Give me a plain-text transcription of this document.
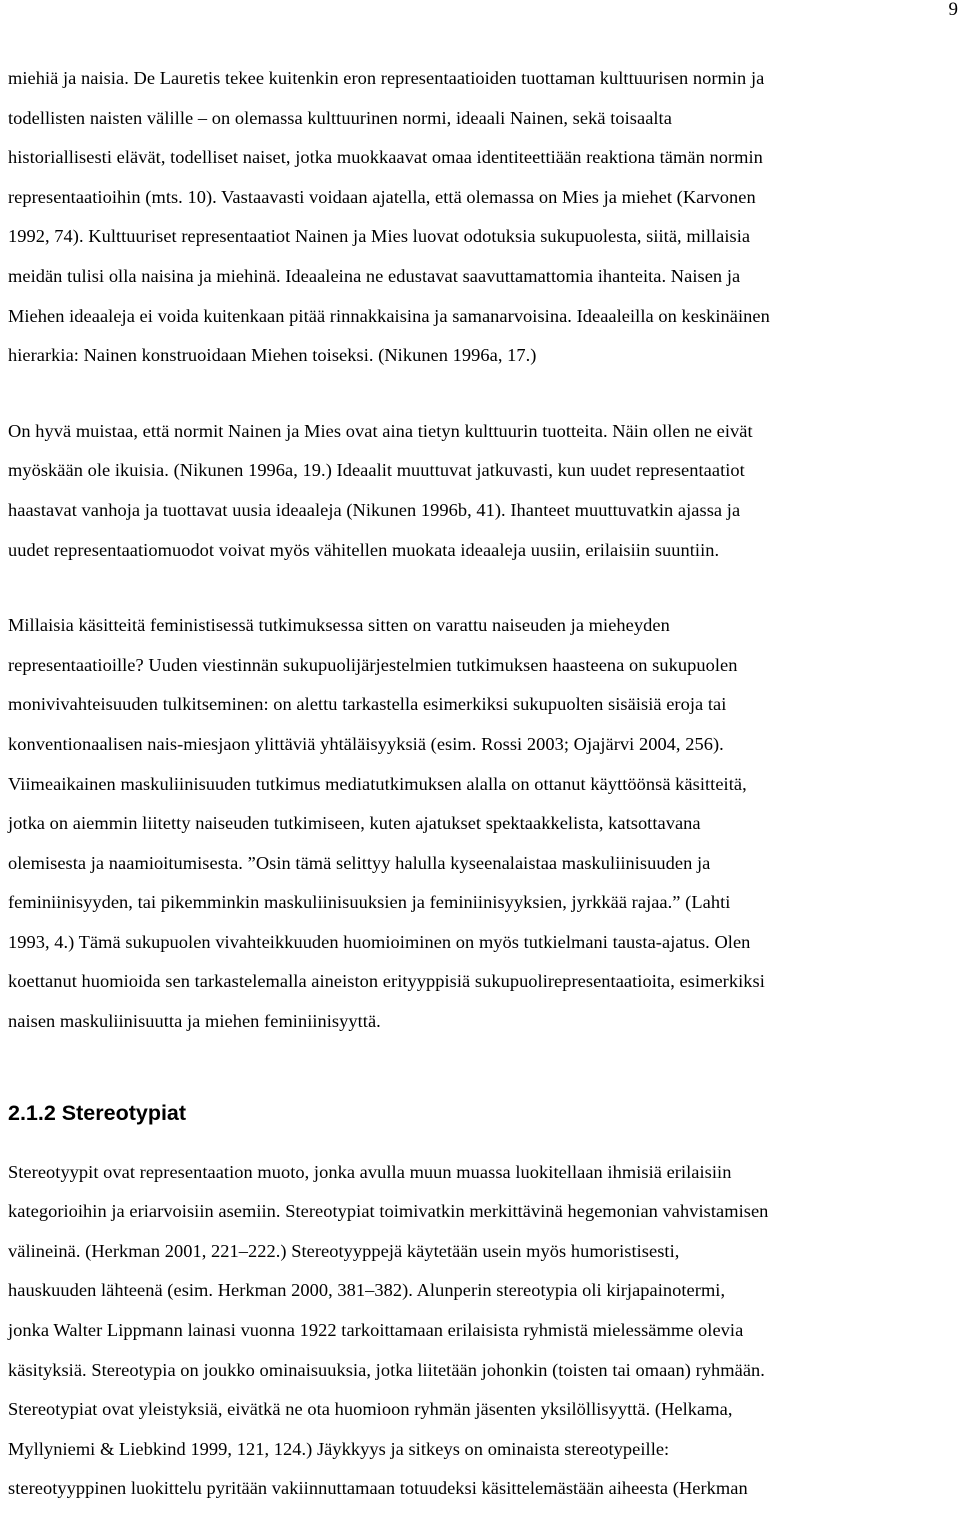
9
miehiä ja naisia. De Lauretis tekee kuitenkin eron representaatioiden tuottaman kulttuurisen normin ja
todellisten naisten välille – on olemassa kulttuurinen normi, ideaali Nainen, sekä toisaalta
historiallisesti elävät, todelliset naiset, jotka muokkaavat omaa identiteettiään reaktiona tämän normin
representaatioihin (mts. 10). Vastaavasti voidaan ajatella, että olemassa on Mies ja miehet (Karvonen
1992, 74). Kulttuuriset representaatiot Nainen ja Mies luovat odotuksia sukupuolesta, siitä, millaisia
meidän tulisi olla naisina ja miehinä. Ideaaleina ne edustavat saavuttamattomia ihanteita. Naisen ja
Miehen ideaaleja ei voida kuitenkaan pitää rinnakkaisina ja samanarvoisina. Ideaaleilla on keskinäinen
hierarkia: Nainen konstruoidaan Miehen toiseksi. (Nikunen 1996a, 17.)
On hyvä muistaa, että normit Nainen ja Mies ovat aina tietyn kulttuurin tuotteita. Näin ollen ne eivät
myöskään ole ikuisia. (Nikunen 1996a, 19.) Ideaalit muuttuvat jatkuvasti, kun uudet representaatiot
haastavat vanhoja ja tuottavat uusia ideaaleja (Nikunen 1996b, 41). Ihanteet muuttuvatkin ajassa ja
uudet representaatiomuodot voivat myös vähitellen muokata ideaaleja uusiin, erilaisiin suuntiin.
Millaisia käsitteitä feministisessä tutkimuksessa sitten on varattu naiseuden ja mieheyden
representaatioille? Uuden viestinnän sukupuolijärjestelmien tutkimuksen haasteena on sukupuolen
monivivahteisuuden tulkitseminen: on alettu tarkastella esimerkiksi sukupuolten sisäisiä eroja tai
konventionaalisen nais-miesjaon ylittäviä yhtäläisyyksiä (esim. Rossi 2003; Ojajärvi 2004, 256).
Viimeaikainen maskuliinisuuden tutkimus mediatutkimuksen alalla on ottanut käyttöönsä käsitteitä,
jotka on aiemmin liitetty naiseuden tutkimiseen, kuten ajatukset spektaakkelista, katsottavana
olemisesta ja naamioitumisesta. ”Osin tämä selittyy halulla kyseenalaistaa maskuliinisuuden ja
feminiinisyyden, tai pikemminkin maskuliinisuuksien ja feminiinisyyksien, jyrkkää rajaa.” (Lahti
1993, 4.) Tämä sukupuolen vivahteikkuuden huomioiminen on myös tutkielmani tausta-ajatus. Olen
koettanut huomioida sen tarkastelemalla aineiston erityyppisiä sukupuolirepresentaatioita, esimerkiksi
naisen maskuliinisuutta ja miehen feminiinisyyttä.
2.1.2 Stereotypiat
Stereotyypit ovat representaation muoto, jonka avulla muun muassa luokitellaan ihmisiä erilaisiin
kategorioihin ja eriarvoisiin asemiin. Stereotypiat toimivatkin merkittävinä hegemonian vahvistamisen
välineinä. (Herkman 2001, 221–222.) Stereotyyppejä käytetään usein myös humoristisesti,
hauskuuden lähteenä (esim. Herkman 2000, 381–382). Alunperin stereotypia oli kirjapainotermi,
jonka Walter Lippmann lainasi vuonna 1922 tarkoittamaan erilaisista ryhmistä mielessämme olevia
käsityksiä. Stereotypia on joukko ominaisuuksia, jotka liitetään johonkin (toisten tai omaan) ryhmään.
Stereotypiat ovat yleistyksiä, eivätkä ne ota huomioon ryhmän jäsenten yksilöllisyyttä. (Helkama,
Myllyniemi & Liebkind 1999, 121, 124.) Jäykkyys ja sitkeys on ominaista stereotypeille:
stereotyyppinen luokittelu pyritään vakiinnuttamaan totuudeksi käsittelemästään aiheesta (Herkman
